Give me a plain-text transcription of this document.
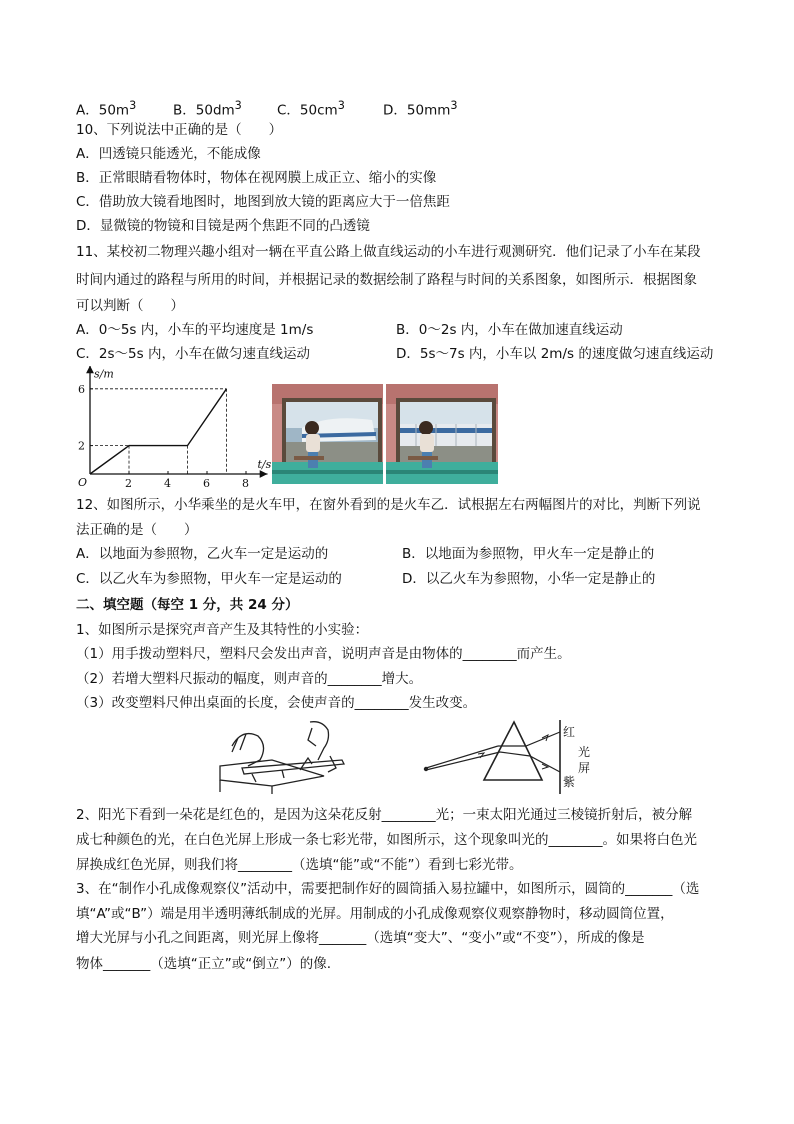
A．$50m^3$	B．$50dm^3$	C．$50cm^3$	D．$50mm^3$
10、下列说法中正确的是（　　）
A．凹透镜只能透光，不能成像
B．正常眼睛看物体时，物体在视网膜上成正立、缩小的实像
C．借助放大镜看地图时，地图到放大镜的距离应大于一倍焦距
D．显微镜的物镜和目镜是两个焦距不同的凸透镜
11、某校初二物理兴趣小组对一辆在平直公路上做直线运动的小车进行观测研究．他们记录了小车在某段
时间内通过的路程与所用的时间，并根据记录的数据绘制了路程与时间的关系图象，如图所示．根据图象
可以判断（　　）
A．0～5s 内，小车的平均速度是 1m/s	B．0～2s 内，小车在做加速直线运动
C．2s～5s 内，小车在做匀速直线运动	D．5s～7s 内，小车以 2m/s 的速度做匀速直线运动
2	4	6	8
2
6
s/m
t/s
O
12、如图所示，小华乘坐的是火车甲，在窗外看到的是火车乙．试根据左右两幅图片的对比，判断下列说
法正确的是（　　）
A．以地面为参照物，乙火车一定是运动的	B．以地面为参照物，甲火车一定是静止的
C．以乙火车为参照物，甲火车一定是运动的	D．以乙火车为参照物，小华一定是静止的
二、填空题（每空 1 分，共 24 分）
1、如图所示是探究声音产生及其特性的小实验：
（1）用手拨动塑料尺，塑料尺会发出声音，说明声音是由物体的________而产生。
（2）若增大塑料尺振动的幅度，则声音的________增大。
（3）改变塑料尺伸出桌面的长度，会使声音的________发生改变。
红
紫
光
屏
2、阳光下看到一朵花是红色的，是因为这朵花反射________光；一束太阳光通过三棱镜折射后，被分解
成七种颜色的光，在白色光屏上形成一条七彩光带，如图所示，这个现象叫光的________。如果将白色光
屏换成红色光屏，则我们将________（选填“能”或“不能”）看到七彩光带。
3、在“制作小孔成像观察仪”活动中，需要把制作好的圆筒插入易拉罐中，如图所示，圆筒的_______（选
填“A”或“B”）端是用半透明薄纸制成的光屏。用制成的小孔成像观察仪观察静物时，移动圆筒位置，
增大光屏与小孔之间距离，则光屏上像将_______（选填“变大”、“变小”或“不变”），所成的像是
物体_______（选填“正立”或“倒立”）的像.
